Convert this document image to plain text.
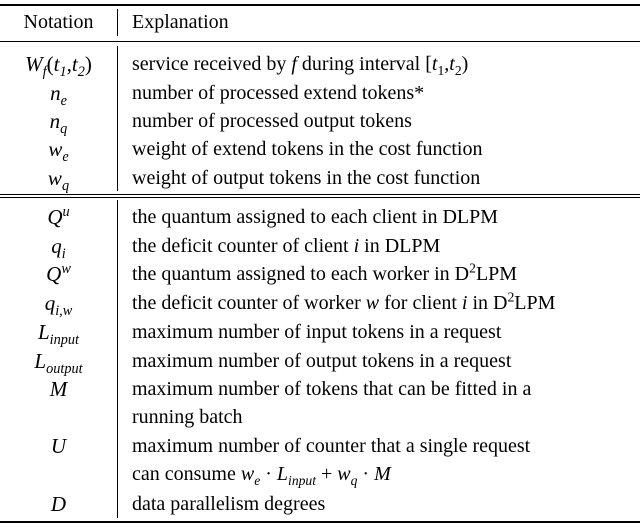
Notation	Explanation
$W_f(t_1,t_2)$	service received by f during interval $[t_1,t_2)$
$n_e$	number of processed extend tokens*
$n_q$	number of processed output tokens
$w_e$	weight of extend tokens in the cost function
$w_q$	weight of output tokens in the cost function
$Q^u$	the quantum assigned to each client in DLPM
$q_i$	the deficit counter of client i in DLPM
$Q^w$	the quantum assigned to each worker in $D^2LPM$
$q_{i,w}$	the deficit counter of worker w for client i in $D^2LPM$
$L_{input}$	maximum number of input tokens in a request
$L_{output}$	maximum number of output tokens in a request
M	maximum number of tokens that can be fitted in a
running batch
U	maximum number of counter that a single request
can consume $w_e \cdot L_{input} + w_q \cdot M$
D	data parallelism degrees
